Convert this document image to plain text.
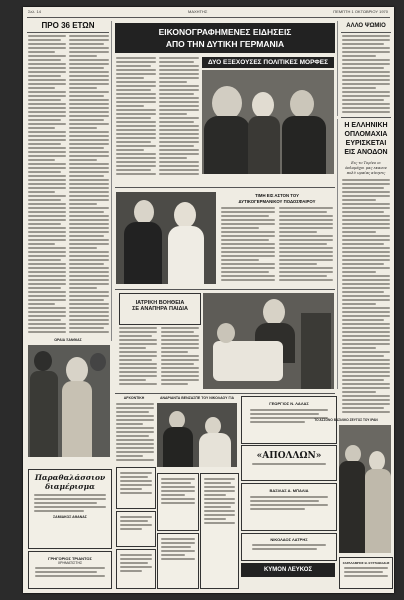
Σελ. 14	ΜΑΧΗΤΗΣ	ΠΕΜΠΤΗ 1 ΟΚΤΩΒΡΙΟΥ 1970
ΠΡΟ 36 ΕΤΩΝ
ΩΡΑΙΑ ΞΑΝΘΙΑΣ
Παραθαλάσσιον
διαμέρισμα
ΣΑΜΙΑΚΟΣ ΑΘΑΝΑΣ
ΓΡΗΓΟΡΙΟΣ ΤΡΙΑΝΤΟΣ
ΧΡΗΜΑΤΙΣΤΗΣ
ΕΙΚΟΝΟΓΡΑΦΗΜΕΝΕΣ ΕΙΔΗΣΕΙΣ
ΑΠΟ ΤΗΝ ΔΥΤΙΚΗ ΓΕΡΜΑΝΙΑ
ΔΥΟ ΕΞΕΧΟΥΣΕΣ ΠΟΛΙΤΙΚΕΣ ΜΟΡΦΕΣ
ΤΙΜΗ ΕΙΣ ΑΣΤΟΝ ΤΟΥ
ΔΥΤΙΚΟΓΕΡΜΑΝΙΚΟΥ ΠΟΔΟΣΦΑΙΡΟΥ
ΙΑΤΡΙΚΗ ΒΟΗΘΕΙΑ
ΣΕ ΑΝΑΠΗΡΑ ΠΑΙΔΙΑ
ΑΡΧΟΝΤΙΚΗ	ΑΝΔΡΙΑΝΤΑ ΒΕΝΖΑΣΠΕ ΤΟΥ ΝΙΚΟΛΑΟΥ ΓΙΑ
ΓΕΩΡΓΙΟΣ Ν. ΛΑΛΑΣ
«ΑΠΟΛΛΩΝ»
ΒΑΣΙΛΑΣ Α. ΜΠΑΛΙΑ
ΝΙΚΟΛΑΟΣ ΛΑΤΡΗΣ
ΚΥΜΟΝ ΛΕΥΚΟΣ
ΑΛΛΟ ΨΩΜΙΟ
Η ΕΛΛΗΝΙΚΗ
ΟΠΛΟΜΑΧΙΑ
ΕΥΡΙΣΚΕΤΑΙ
ΕΙΣ ΑΝΟΔΟΝ
Εις το Τορίνο οι όπλομάχοι μας εκανον πολύ ωραίας κίνησις
ΤΟ ΑΣΣΟΝΟ ΒΑΣΙΛΙΚΟ ΖΕΥΓΟΣ ΤΟΥ ΙΡΑΝ
ΧΑΡΑΛΑΜΠΟΣ Θ. ΕΥΣΤΑΘΙΑΔΗΣ
